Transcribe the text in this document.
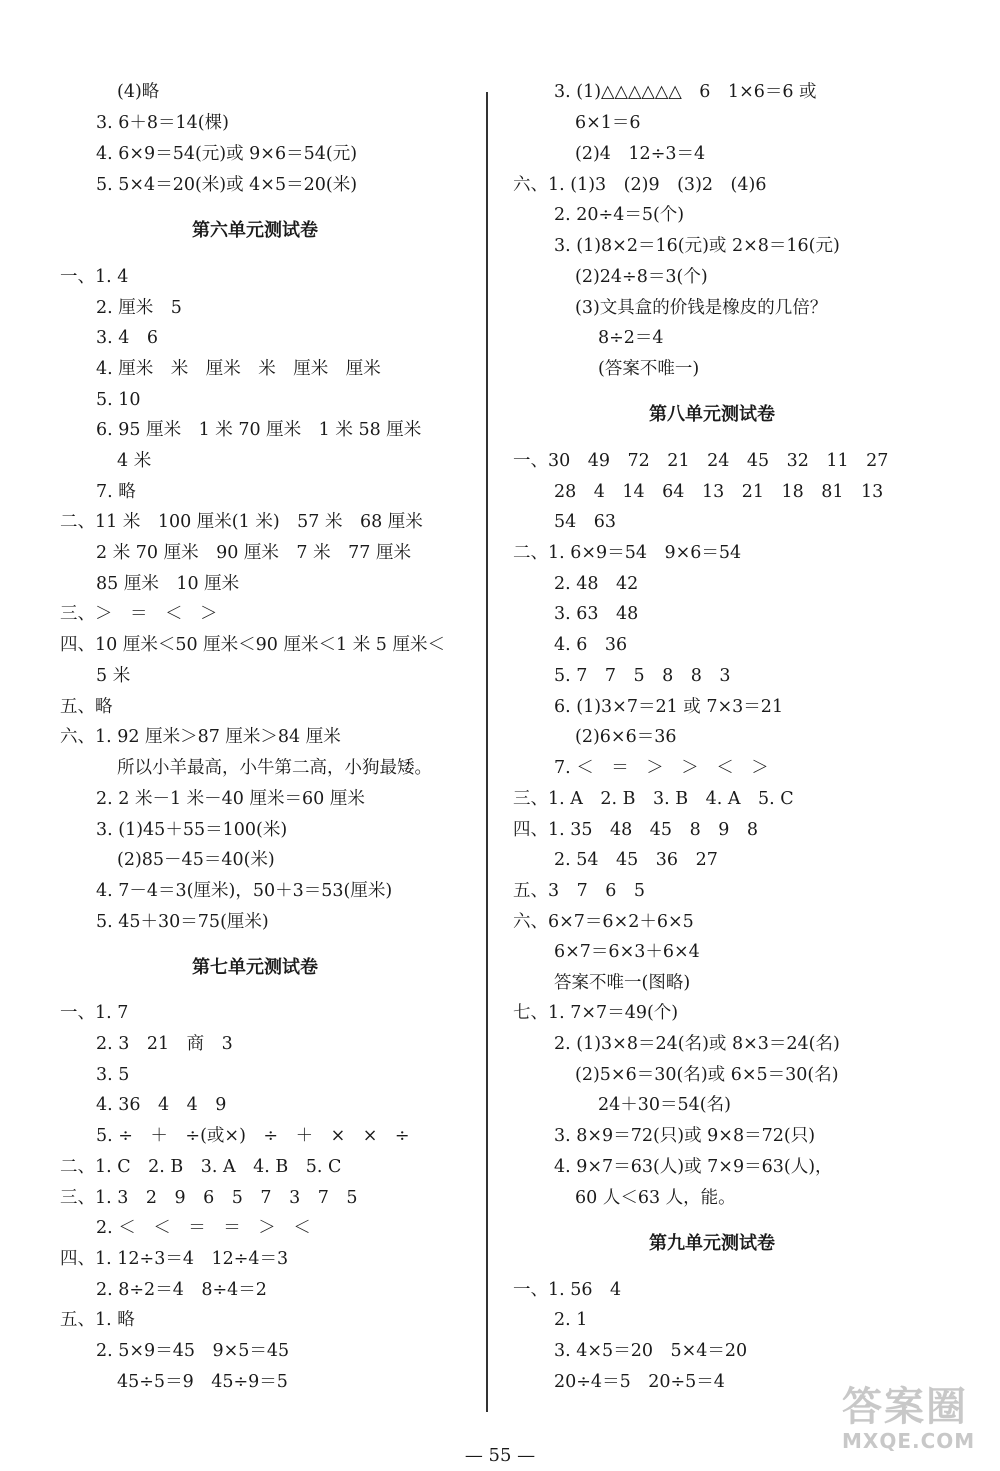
(4)略
3. 6＋8＝14(棵)
4. 6×9＝54(元)或 9×6＝54(元)
5. 5×4＝20(米)或 4×5＝20(米)
第六单元测试卷
一、1. 4
2. 厘米　5
3. 4　6
4. 厘米　米　厘米　米　厘米　厘米
5. 10
6. 95 厘米　1 米 70 厘米　1 米 58 厘米
4 米
7. 略
二、11 米　100 厘米(1 米)　57 米　68 厘米
2 米 70 厘米　90 厘米　7 米　77 厘米
85 厘米　10 厘米
三、＞　＝　＜　＞
四、10 厘米＜50 厘米＜90 厘米＜1 米 5 厘米＜
5 米
五、略
六、1. 92 厘米＞87 厘米＞84 厘米
所以小羊最高，小牛第二高，小狗最矮。
2. 2 米－1 米－40 厘米＝60 厘米
3. (1)45＋55＝100(米)
(2)85－45＝40(米)
4. 7－4＝3(厘米)，50＋3＝53(厘米)
5. 45＋30＝75(厘米)
第七单元测试卷
一、1. 7
2. 3　21　商　3
3. 5
4. 36　4　4　9
5. ÷　＋　÷(或×)　÷　＋　×　×　÷
二、1. C　2. B　3. A　4. B　5. C
三、1. 3　2　9　6　5　7　3　7　5
2. ＜　＜　＝　＝　＞　＜
四、1. 12÷3＝4　12÷4＝3
2. 8÷2＝4　8÷4＝2
五、1. 略
2. 5×9＝45　9×5＝45
45÷5＝9　45÷9＝5
3. (1)△△△△△△　6　1×6＝6 或
6×1＝6
(2)4　12÷3＝4
六、1. (1)3　(2)9　(3)2　(4)6
2. 20÷4＝5(个)
3. (1)8×2＝16(元)或 2×8＝16(元)
(2)24÷8＝3(个)
(3)文具盒的价钱是橡皮的几倍？
8÷2＝4
(答案不唯一)
第八单元测试卷
一、30　49　72　21　24　45　32　11　27
28　4　14　64　13　21　18　81　13
54　63
二、1. 6×9＝54　9×6＝54
2. 48　42
3. 63　48
4. 6　36
5. 7　7　5　8　8　3
6. (1)3×7＝21 或 7×3＝21
(2)6×6＝36
7. ＜　＝　＞　＞　＜　＞
三、1. A　2. B　3. B　4. A　5. C
四、1. 35　48　45　8　9　8
2. 54　45　36　27
五、3　7　6　5
六、6×7＝6×2＋6×5
6×7＝6×3＋6×4
答案不唯一(图略)
七、1. 7×7＝49(个)
2. (1)3×8＝24(名)或 8×3＝24(名)
(2)5×6＝30(名)或 6×5＝30(名)
24＋30＝54(名)
3. 8×9＝72(只)或 9×8＝72(只)
4. 9×7＝63(人)或 7×9＝63(人)，
60 人＜63 人，能。
第九单元测试卷
一、1. 56　4
2. 1
3. 4×5＝20　5×4＝20
20÷4＝5　20÷5＝4
— 55 —
答案圈
MXQE.COM
